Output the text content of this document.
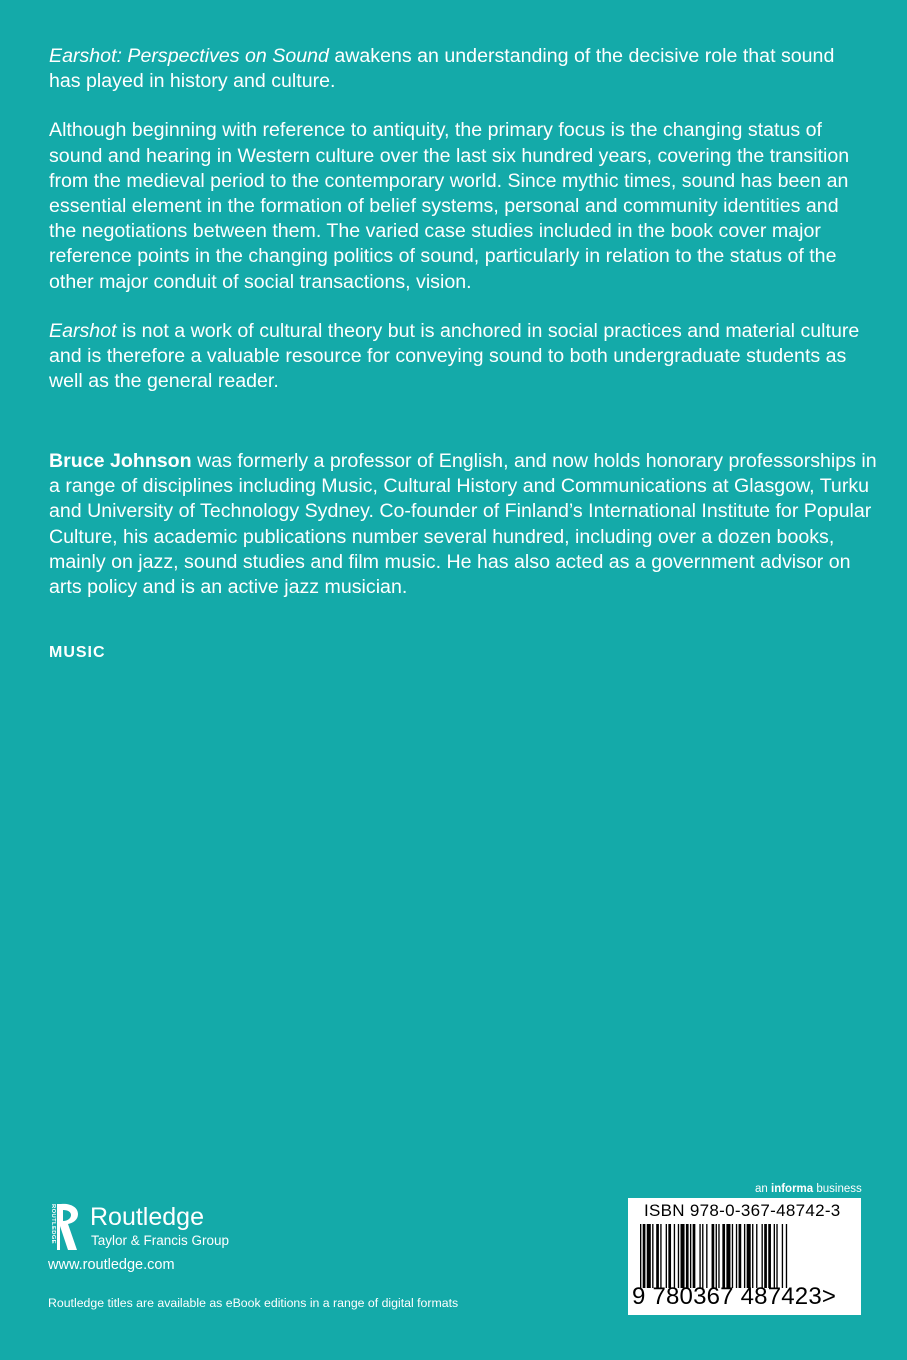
Earshot: Perspectives on Sound awakens an understanding of the decisive role that sound has played in history and culture.

Although beginning with reference to antiquity, the primary focus is the changing status of sound and hearing in Western culture over the last six hundred years, covering the transition from the medieval period to the contemporary world. Since mythic times, sound has been an essential element in the formation of belief systems, personal and community identities and the negotiations between them. The varied case studies included in the book cover major reference points in the changing politics of sound, particularly in relation to the status of the other major conduit of social transactions, vision.

Earshot is not a work of cultural theory but is anchored in social practices and material culture and is therefore a valuable resource for conveying sound to both undergraduate students as well as the general reader.

Bruce Johnson was formerly a professor of English, and now holds honorary professorships in a range of disciplines including Music, Cultural History and Communications at Glasgow, Turku and University of Technology Sydney. Co-founder of Finland’s International Institute for Popular Culture, his academic publications number several hundred, including over a dozen books, mainly on jazz, sound studies and film music. He has also acted as a government advisor on arts policy and is an active jazz musician.

MUSIC

ROUTLEDGE Routledge
Taylor & Francis Group

www.routledge.com

Routledge titles are available as eBook editions in a range of digital formats

an informa business
ISBN 978-0-367-48742-3
9 780367 487423>
